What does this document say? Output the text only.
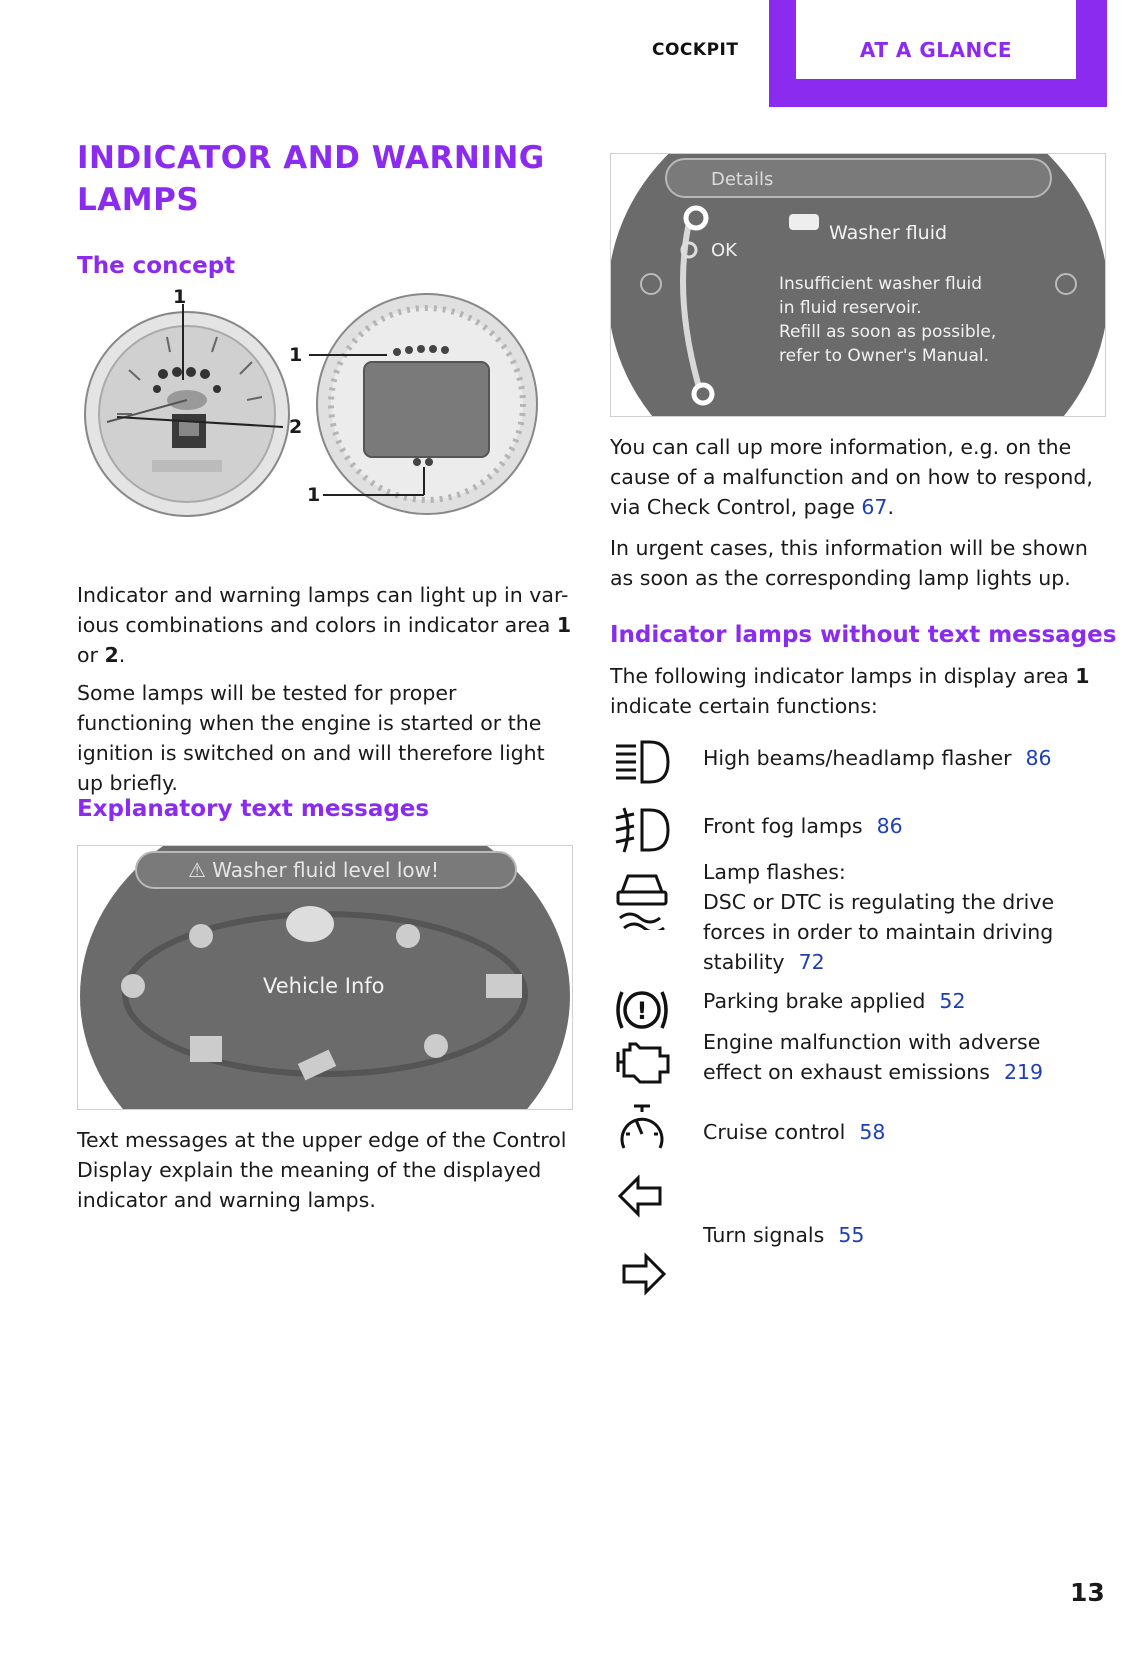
COCKPIT	AT A GLANCE
INDICATOR AND WARNING LAMPS
The concept
1
1
2
1
Indicator and warning lamps can light up in var-ious combinations and colors in indicator area 1 or 2.
Some lamps will be tested for proper functioning when the engine is started or the ignition is switched on and will therefore light up briefly.
Explanatory text messages
⚠ Washer fluid level low!
Vehicle Info
Text messages at the upper edge of the Control Display explain the meaning of the displayed indicator and warning lamps.
Details
OK
Washer fluid
Insufficient washer fluid
in fluid reservoir.
Refill as soon as possible,
refer to Owner's Manual.
You can call up more information, e.g. on the cause of a malfunction and on how to respond, via Check Control, page 67.
In urgent cases, this information will be shown as soon as the corresponding lamp lights up.
Indicator lamps without text messages
The following indicator lamps in display area 1 indicate certain functions:
High beams/headlamp flasher 86
Front fog lamps 86
Lamp flashes:
DSC or DTC is regulating the drive forces in order to maintain driving stability 72
!	Parking brake applied 52
Engine malfunction with adverse effect on exhaust emissions 219
Cruise control 58
Turn signals 55
13
